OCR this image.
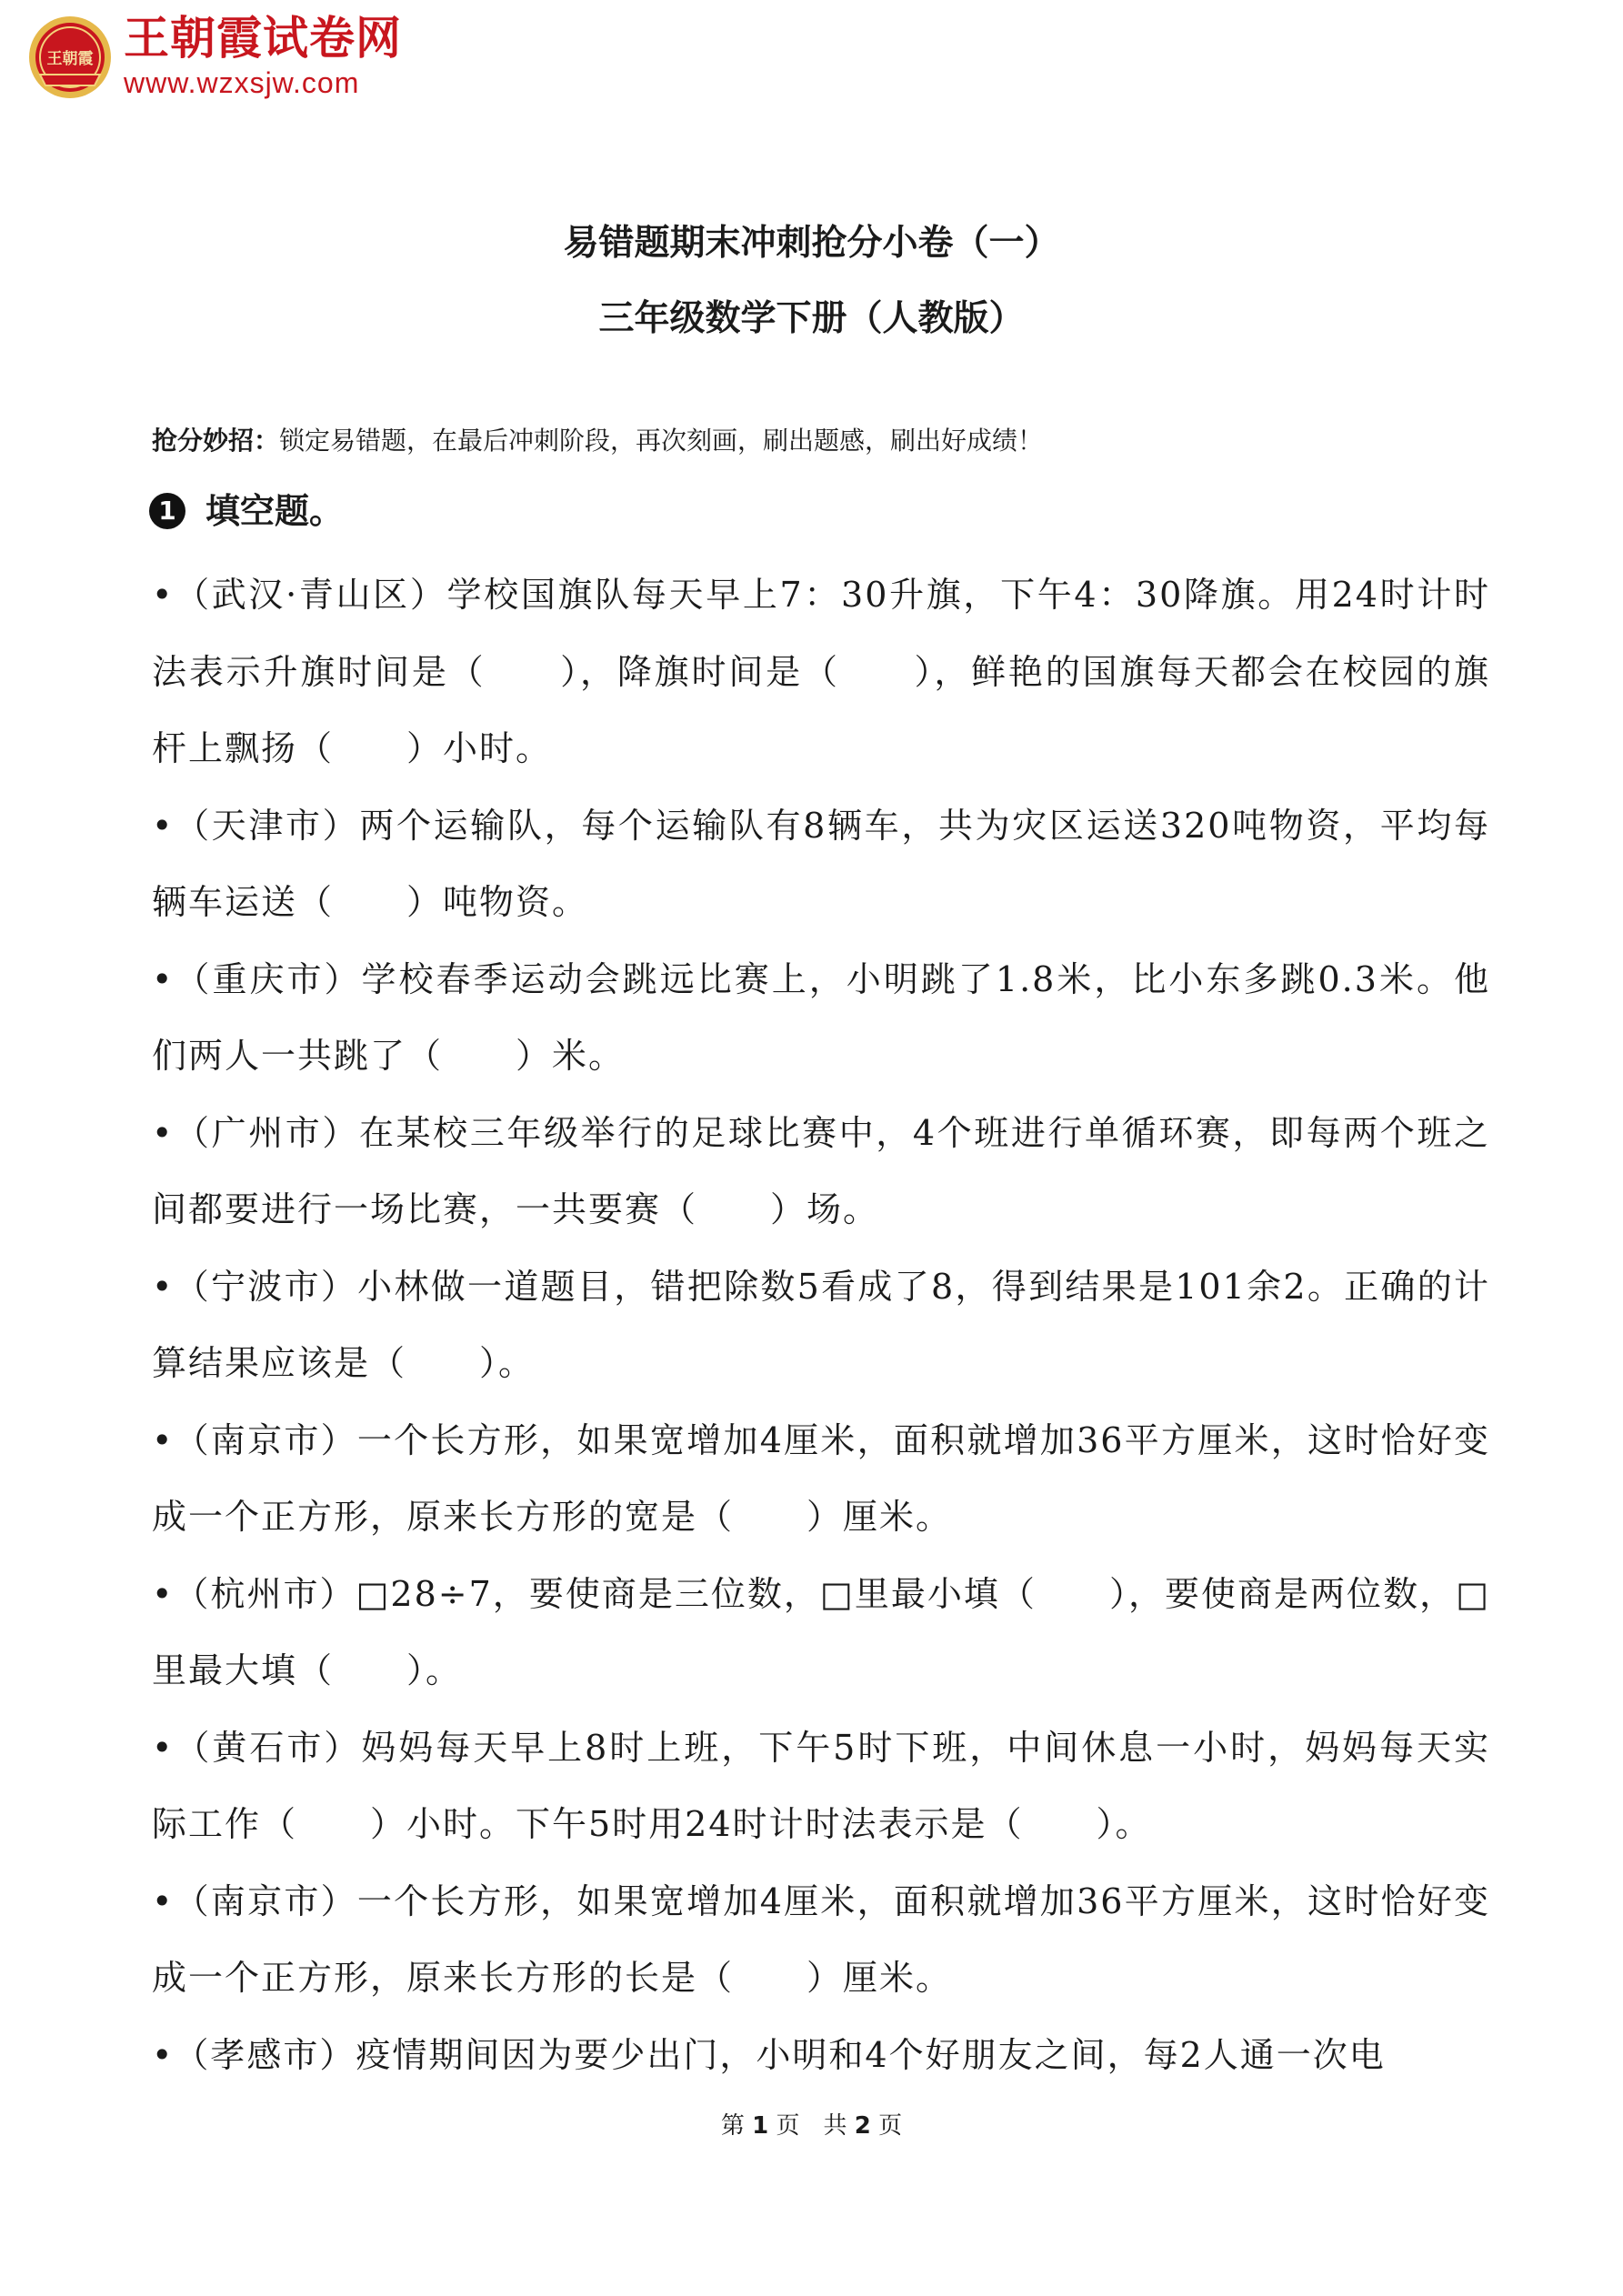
王朝霞 王朝霞试卷网
www.wzxsjw.com
易错题期末冲刺抢分小卷（一）
三年级数学下册（人教版）
抢分妙招：锁定易错题，在最后冲刺阶段，再次刻画，刷出题感，刷出好成绩！
1 填空题。
•（武汉·青山区）学校国旗队每天早上7：30升旗，下午4：30降旗。用24时计时法表示升旗时间是（　　），降旗时间是（　　），鲜艳的国旗每天都会在校园的旗杆上飘扬（　　）小时。
•（天津市）两个运输队，每个运输队有8辆车，共为灾区运送320吨物资，平均每辆车运送（　　）吨物资。
•（重庆市）学校春季运动会跳远比赛上，小明跳了1.8米，比小东多跳0.3米。他们两人一共跳了（　　）米。
•（广州市）在某校三年级举行的足球比赛中，4个班进行单循环赛，即每两个班之间都要进行一场比赛，一共要赛（　　）场。
•（宁波市）小林做一道题目，错把除数5看成了8，得到结果是101余2。正确的计算结果应该是（　　）。
•（南京市）一个长方形，如果宽增加4厘米，面积就增加36平方厘米，这时恰好变成一个正方形，原来长方形的宽是（　　）厘米。
•（杭州市）□28÷7，要使商是三位数，□里最小填（　　），要使商是两位数，□里最大填（　　）。
•（黄石市）妈妈每天早上8时上班，下午5时下班，中间休息一小时，妈妈每天实际工作（　　）小时。下午5时用24时计时法表示是（　　）。
•（南京市）一个长方形，如果宽增加4厘米，面积就增加36平方厘米，这时恰好变成一个正方形，原来长方形的长是（　　）厘米。
•（孝感市）疫情期间因为要少出门，小明和4个好朋友之间，每2人通一次电
第 1 页　共 2 页
